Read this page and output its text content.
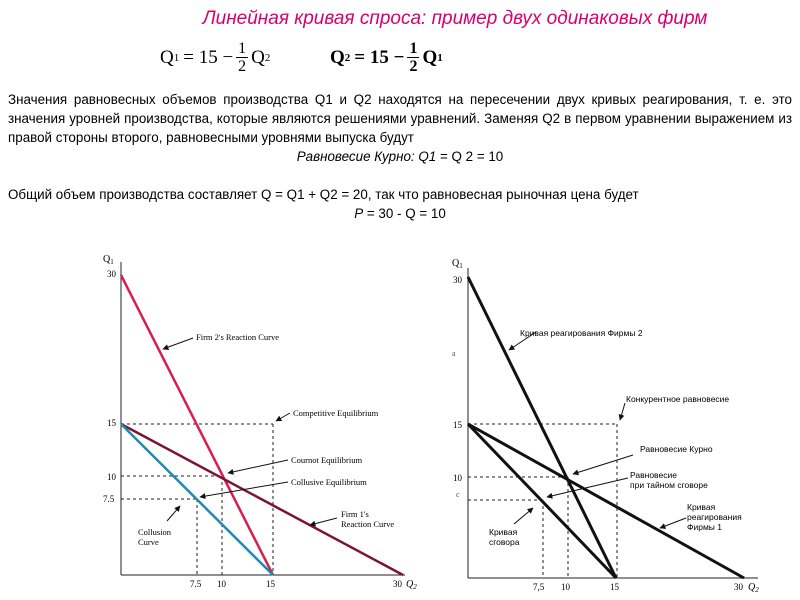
Линейная кривая спроса: пример двух одинаковых фирм
Q $1 = 15 - \frac{1}{2}$ Q 2	Q $2 = 15 - \frac{1}{2}$ Q 1

Значения равновесных объемов производства Q1 и Q2 находятся на пересечении двух кривых реагирования, т. е. это значения уровней производства, которые являются решениями уравнений. Заменяя Q2 в первом уравнении выражением из правой стороны второго, равновесными уровнями выпуска будут

Равновесие Курно: Q1 = Q 2 = 10

Общий объем производства составляет Q = Q1 + Q2 = 20, так что равновесная рыночная цена будет

P = 30 - Q = 10

$Q_1$
$Q_2$
30
15
10
7.5
7.5 10	15	30
Firm 2's Reaction Curve
Competitive Equilibrium
Cournot Equilibrium
Collusive Equilibrium
Firm 1's Reaction Curve
Collusion Curve
$Q_1$
$Q_2$
30
a
15
10
c
7,5 10	15	30
Кривая реагирования Фирмы 2
Конкурентное равновесие
Равновесие Курно
Равновесие при тайном сговоре
Кривая реагирования Фирмы 1
Кривая сговора
